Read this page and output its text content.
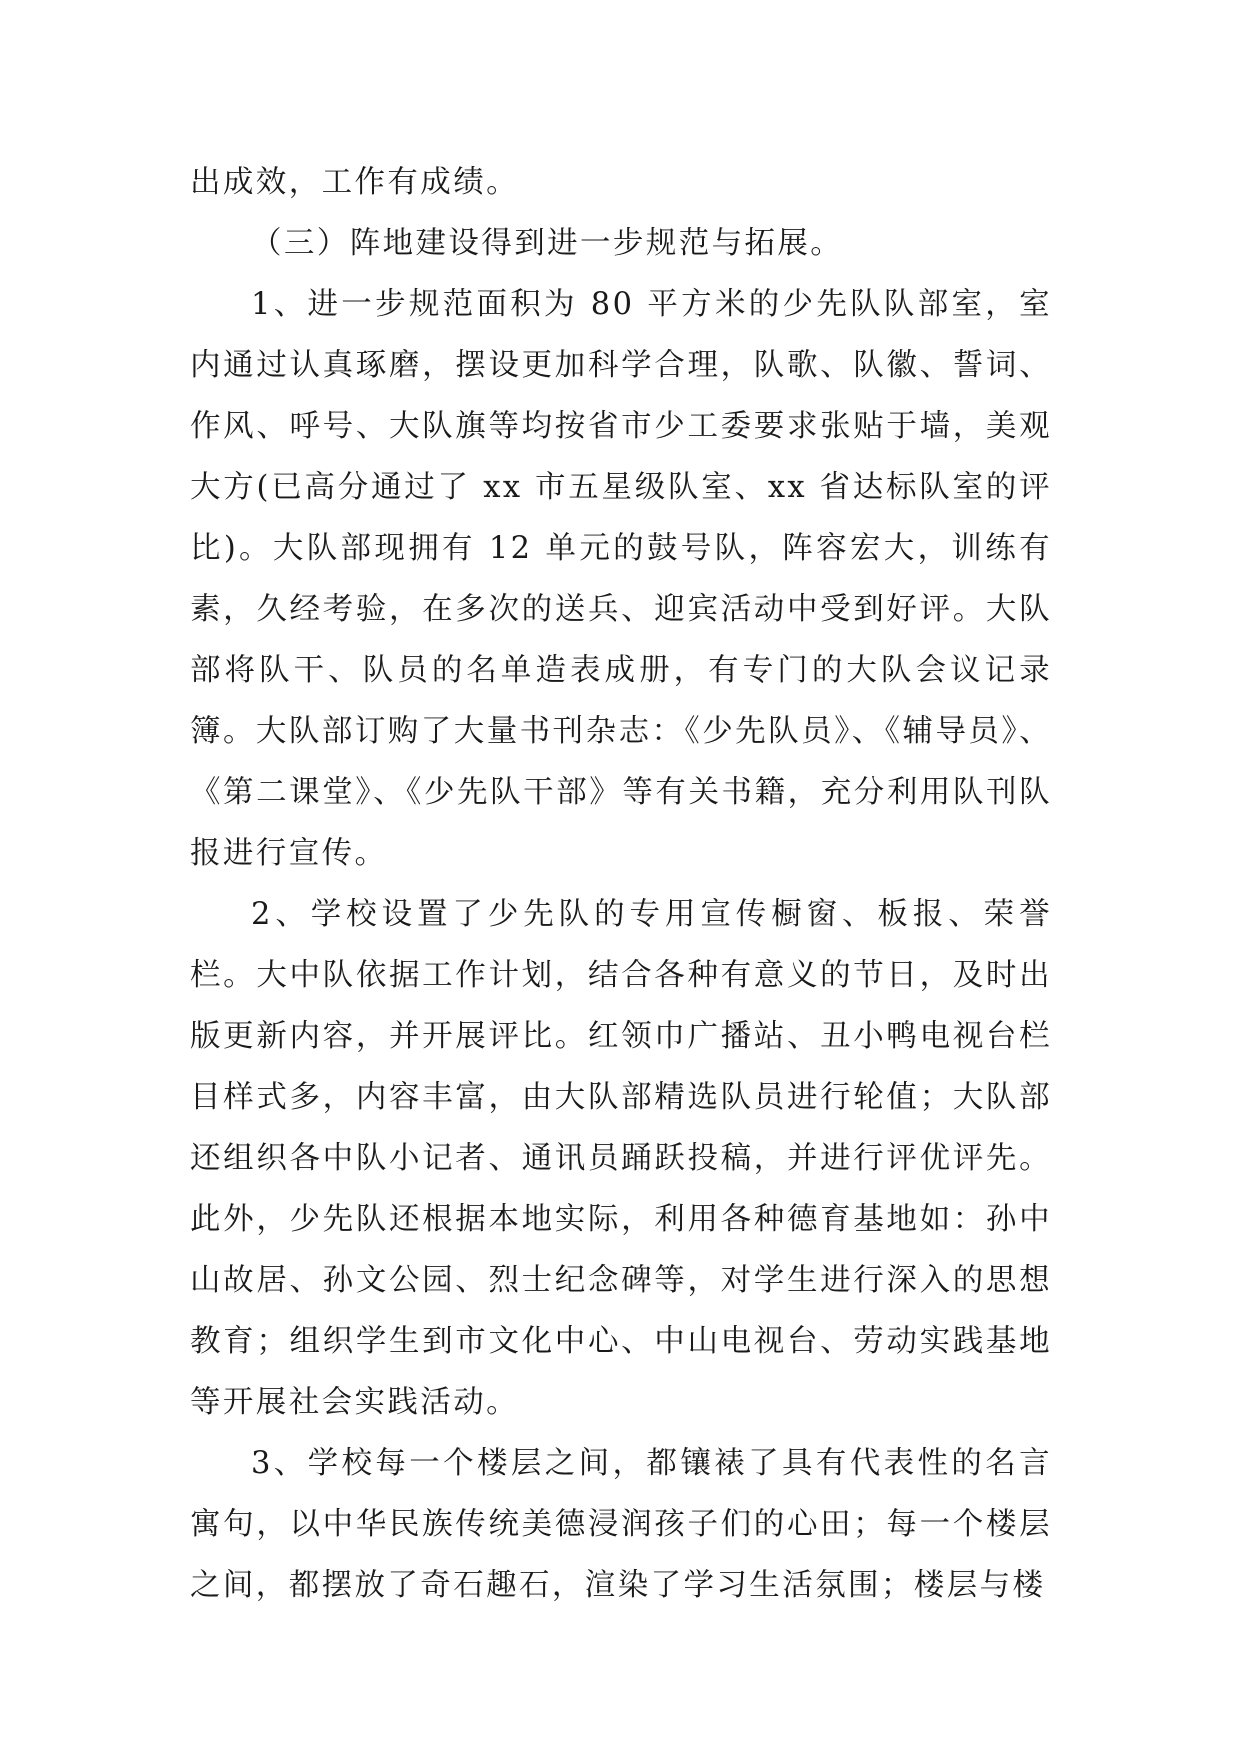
出成效，工作有成绩。

（三）阵地建设得到进一步规范与拓展。

1、进一步规范面积为 80 平方米的少先队队部室，室内通过认真琢磨，摆设更加科学合理，队歌、队徽、誓词、作风、呼号、大队旗等均按省市少工委要求张贴于墙，美观大方(已高分通过了 xx 市五星级队室、xx 省达标队室的评比)。大队部现拥有 12 单元的鼓号队，阵容宏大，训练有素，久经考验，在多次的送兵、迎宾活动中受到好评。大队部将队干、队员的名单造表成册，有专门的大队会议记录簿。大队部订购了大量书刊杂志：《少先队员》、《辅导员》、《第二课堂》、《少先队干部》等有关书籍，充分利用队刊队报进行宣传。

2、学校设置了少先队的专用宣传橱窗、板报、荣誉栏。大中队依据工作计划，结合各种有意义的节日，及时出版更新内容，并开展评比。红领巾广播站、丑小鸭电视台栏目样式多，内容丰富，由大队部精选队员进行轮值；大队部还组织各中队小记者、通讯员踊跃投稿，并进行评优评先。此外，少先队还根据本地实际，利用各种德育基地如：孙中山故居、孙文公园、烈士纪念碑等，对学生进行深入的思想教育；组织学生到市文化中心、中山电视台、劳动实践基地等开展社会实践活动。

3、学校每一个楼层之间，都镶裱了具有代表性的名言寓句，以中华民族传统美德浸润孩子们的心田；每一个楼层之间，都摆放了奇石趣石，渲染了学习生活氛围；楼层与楼
